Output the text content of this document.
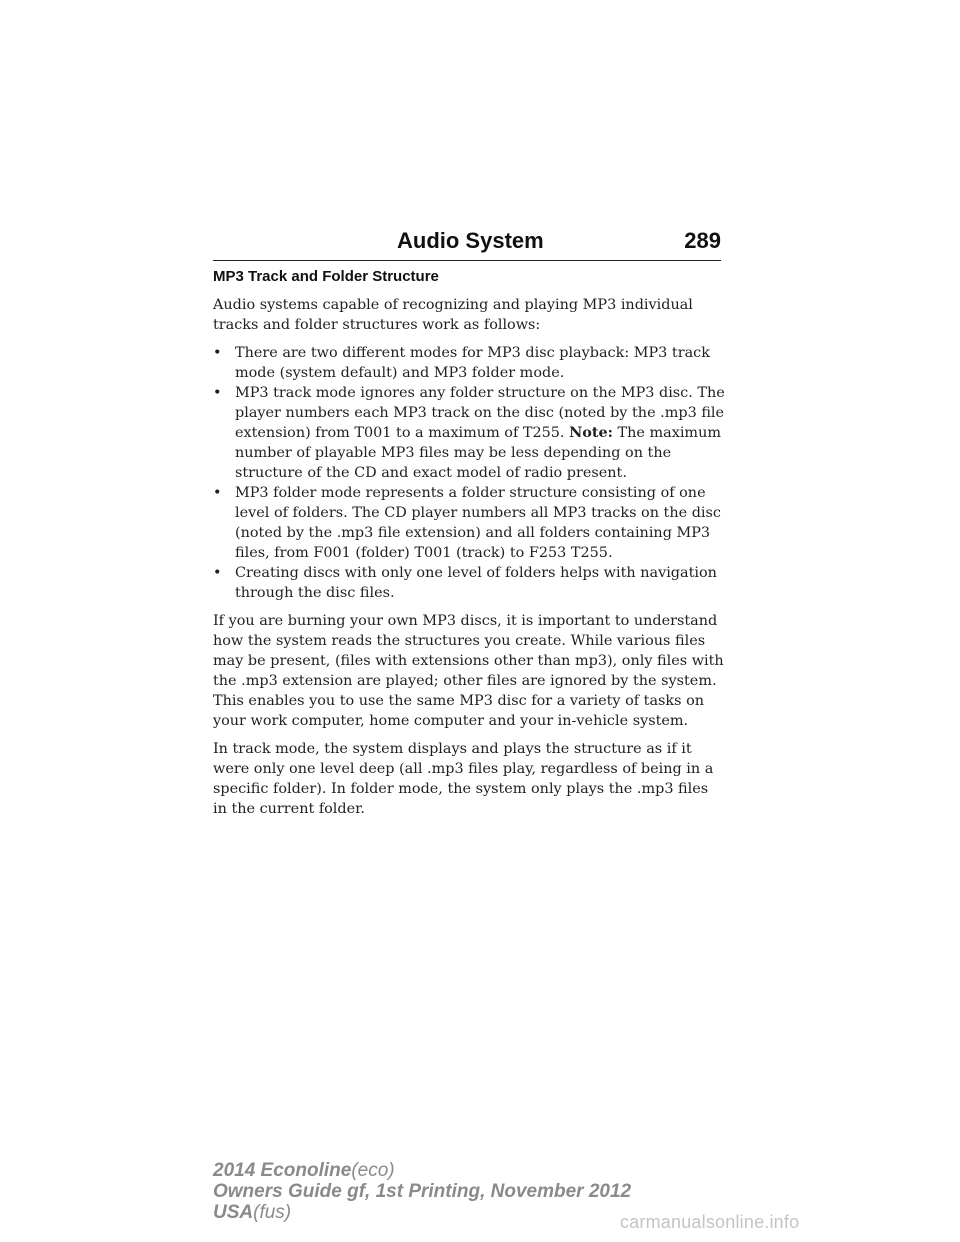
Audio System	289

MP3 Track and Folder Structure

Audio systems capable of recognizing and playing MP3 individual tracks and folder structures work as follows:

• There are two different modes for MP3 disc playback: MP3 track mode (system default) and MP3 folder mode.
• MP3 track mode ignores any folder structure on the MP3 disc. The player numbers each MP3 track on the disc (noted by the .mp3 file extension) from T001 to a maximum of T255. Note: The maximum number of playable MP3 files may be less depending on the structure of the CD and exact model of radio present.
• MP3 folder mode represents a folder structure consisting of one level of folders. The CD player numbers all MP3 tracks on the disc (noted by the .mp3 file extension) and all folders containing MP3 files, from F001 (folder) T001 (track) to F253 T255.
• Creating discs with only one level of folders helps with navigation through the disc files.

If you are burning your own MP3 discs, it is important to understand how the system reads the structures you create. While various files may be present, (files with extensions other than mp3), only files with the .mp3 extension are played; other files are ignored by the system. This enables you to use the same MP3 disc for a variety of tasks on your work computer, home computer and your in-vehicle system.

In track mode, the system displays and plays the structure as if it were only one level deep (all .mp3 files play, regardless of being in a specific folder). In folder mode, the system only plays the .mp3 files in the current folder.

2014 Econoline(eco)
Owners Guide gf, 1st Printing, November 2012
USA(fus)	carmanualsonline.info
